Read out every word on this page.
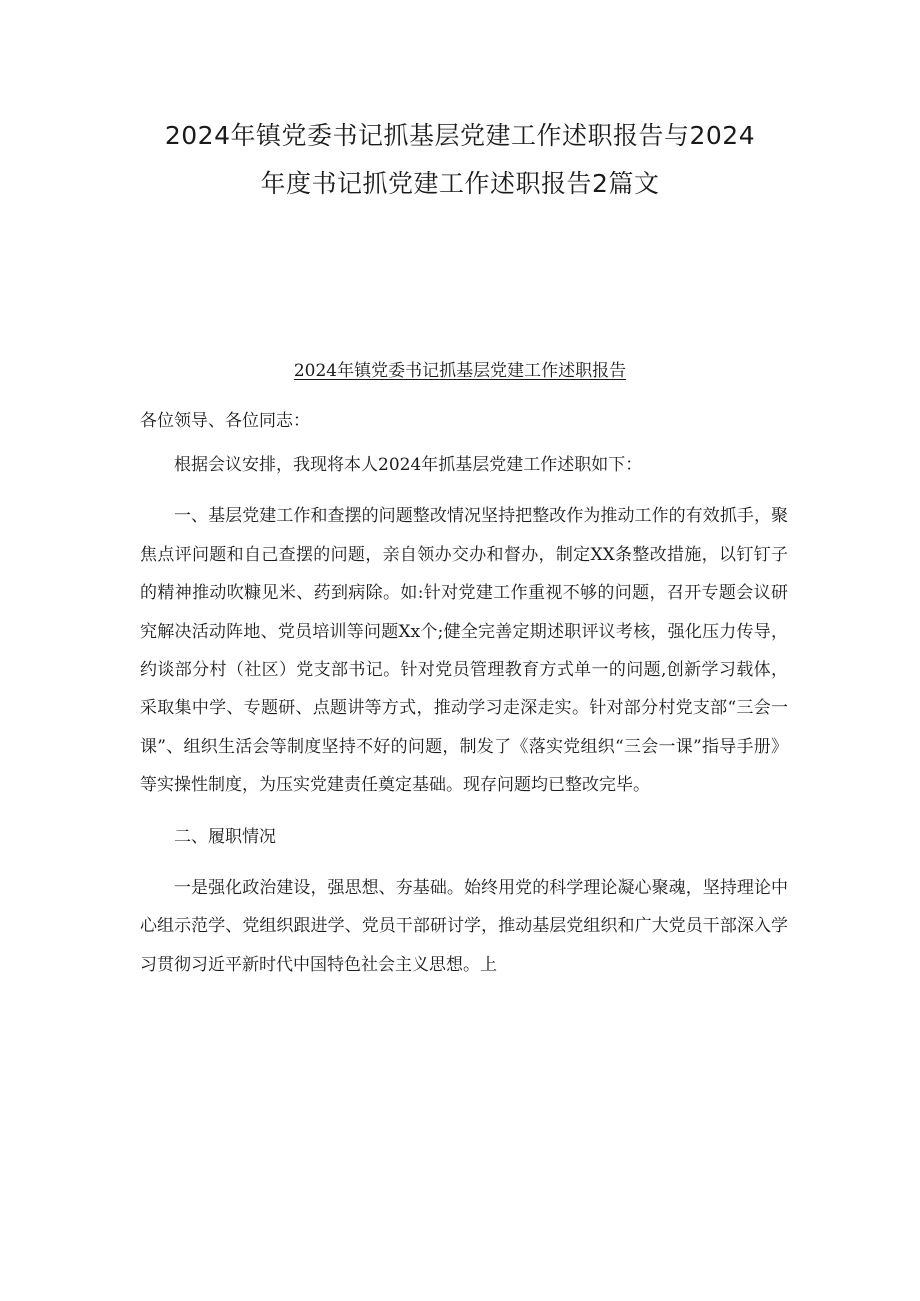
2024年镇党委书记抓基层党建工作述职报告与2024
年度书记抓党建工作述职报告2篇文
2024年镇党委书记抓基层党建工作述职报告
各位领导、各位同志：

根据会议安排，我现将本人2024年抓基层党建工作述职如下：

一、基层党建工作和查摆的问题整改情况坚持把整改作为推动工作的有效抓手，聚焦点评问题和自己查摆的问题，亲自领办交办和督办，制定XX条整改措施，以钉钉子的精神推动吹糠见米、药到病除。如:针对党建工作重视不够的问题，召开专题会议研究解决活动阵地、党员培训等问题Xx个;健全完善定期述职评议考核，强化压力传导，约谈部分村（社区）党支部书记。针对党员管理教育方式单一的问题,创新学习载体，采取集中学、专题研、点题讲等方式，推动学习走深走实。针对部分村党支部“三会一课”、组织生活会等制度坚持不好的问题，制发了《落实党组织“三会一课”指导手册》等实操性制度，为压实党建责任奠定基础。现存问题均已整改完毕。

二、履职情况

一是强化政治建设，强思想、夯基础。始终用党的科学理论凝心聚魂，坚持理论中心组示范学、党组织跟进学、党员干部研讨学，推动基层党组织和广大党员干部深入学习贯彻习近平新时代中国特色社会主义思想。上
